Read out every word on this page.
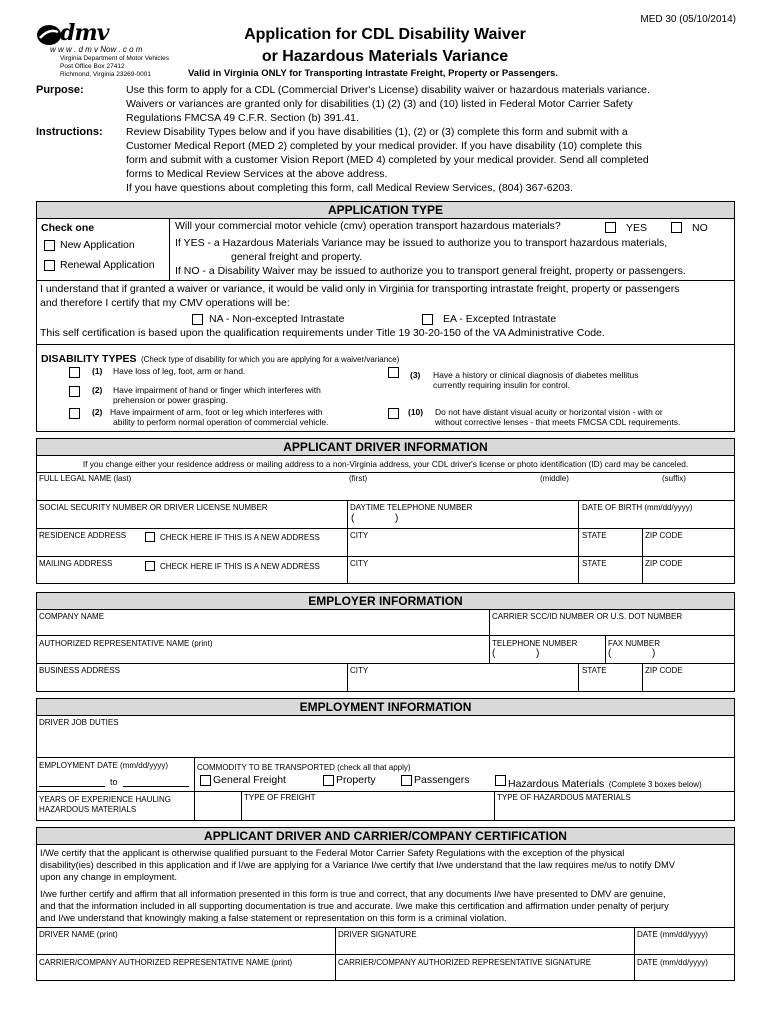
MED 30 (05/10/2014)
dmv
w w w . d m v Now . c o m
Virginia Department of Motor Vehicles
Post Office Box 27412
Richmond, Virginia 23269-0001
Application for CDL Disability Waiver
or Hazardous Materials Variance
Valid in Virginia ONLY for Transporting Intrastate Freight, Property or Passengers.
Purpose:	Use this form to apply for a CDL (Commercial Driver's License) disability waiver or hazardous materials variance.
Waivers or variances are granted only for disabilities (1) (2) (3) and (10) listed in Federal Motor Carrier Safety
Regulations FMCSA 49 C.F.R. Section (b) 391.41.
Instructions: Review Disability Types below and if you have disabilities (1), (2) or (3) complete this form and submit with a
Customer Medical Report (MED 2) completed by your medical provider. If you have disability (10) complete this
form and submit with a customer Vision Report (MED 4) completed by your medical provider. Send all completed
forms to Medical Review Services at the above address.
If you have questions about completing this form, call Medical Review Services, (804) 367-6203.
APPLICATION TYPE
Check one
New Application
Renewal Application
Will your commercial motor vehicle (cmv) operation transport hazardous materials?	YES	NO
If YES - a Hazardous Materials Variance may be issued to authorize you to transport hazardous materials,
general freight and property.
If NO - a Disability Waiver may be issued to authorize you to transport general freight, property or passengers.
I understand that if granted a waiver or variance, it would be valid only in Virginia for transporting intrastate freight, property or passengers
and therefore I certify that my CMV operations will be:
NA - Non-excepted Intrastate	EA - Excepted Intrastate
This self certification is based upon the qualification requirements under Title 19 30-20-150 of the VA Administrative Code.
DISABILITY TYPES (Check type of disability for which you are applying for a waiver/variance)
(1) Have loss of leg, foot, arm or hand.
(2) Have impairment of hand or finger which interferes with
prehension or power grasping.
(2) Have impairment of arm, foot or leg which interferes with
ability to perform normal operation of commercial vehicle.
(3) Have a history or clinical diagnosis of diabetes mellitus
currently requiring insulin for control.
(10) Do not have distant visual acuity or horizontal vision - with or
without corrective lenses - that meets FMCSA CDL requirements.
APPLICANT DRIVER INFORMATION
If you change either your residence address or mailing address to a non-Virginia address, your CDL driver's license or photo identification (ID) card may be canceled.
FULL LEGAL NAME (last)	(first)	(middle)	(suffix)
SOCIAL SECURITY NUMBER OR DRIVER LICENSE NUMBER	DAYTIME TELEPHONE NUMBER
(	)
DATE OF BIRTH (mm/dd/yyyy)
RESIDENCE ADDRESS	CHECK HERE IF THIS IS A NEW ADDRESS	CITY	STATE	ZIP CODE
MAILING ADDRESS	CHECK HERE IF THIS IS A NEW ADDRESS	CITY	STATE	ZIP CODE
EMPLOYER INFORMATION
COMPANY NAME	CARRIER SCC/ID NUMBER OR U.S. DOT NUMBER
AUTHORIZED REPRESENTATIVE NAME (print)	TELEPHONE NUMBER
(	)
FAX NUMBER
(	)
BUSINESS ADDRESS	CITY	STATE	ZIP CODE
EMPLOYMENT INFORMATION
DRIVER JOB DUTIES
EMPLOYMENT DATE (mm/dd/yyyy)
to
COMMODITY TO BE TRANSPORTED (check all that apply)
General Freight	Property	Passengers	Hazardous Materials (Complete 3 boxes below)
YEARS OF EXPERIENCE HAULING
HAZARDOUS MATERIALS
TYPE OF FREIGHT	TYPE OF HAZARDOUS MATERIALS
APPLICANT DRIVER AND CARRIER/COMPANY CERTIFICATION
I/We certify that the applicant is otherwise qualified pursuant to the Federal Motor Carrier Safety Regulations with the exception of the physical
disability(ies) described in this application and if I/we are applying for a Variance I/we certify that I/we understand that the law requires me/us to notify DMV
upon any change in employment.
I/we further certify and affirm that all information presented in this form is true and correct, that any documents I/we have presented to DMV are genuine,
and that the information included in all supporting documentation is true and accurate. I/we make this certification and affirmation under penalty of perjury
and I/we understand that knowingly making a false statement or representation on this form is a criminal violation.
DRIVER NAME (print)	DRIVER SIGNATURE	DATE (mm/dd/yyyy)
CARRIER/COMPANY AUTHORIZED REPRESENTATIVE NAME (print)	CARRIER/COMPANY AUTHORIZED REPRESENTATIVE SIGNATURE	DATE (mm/dd/yyyy)
